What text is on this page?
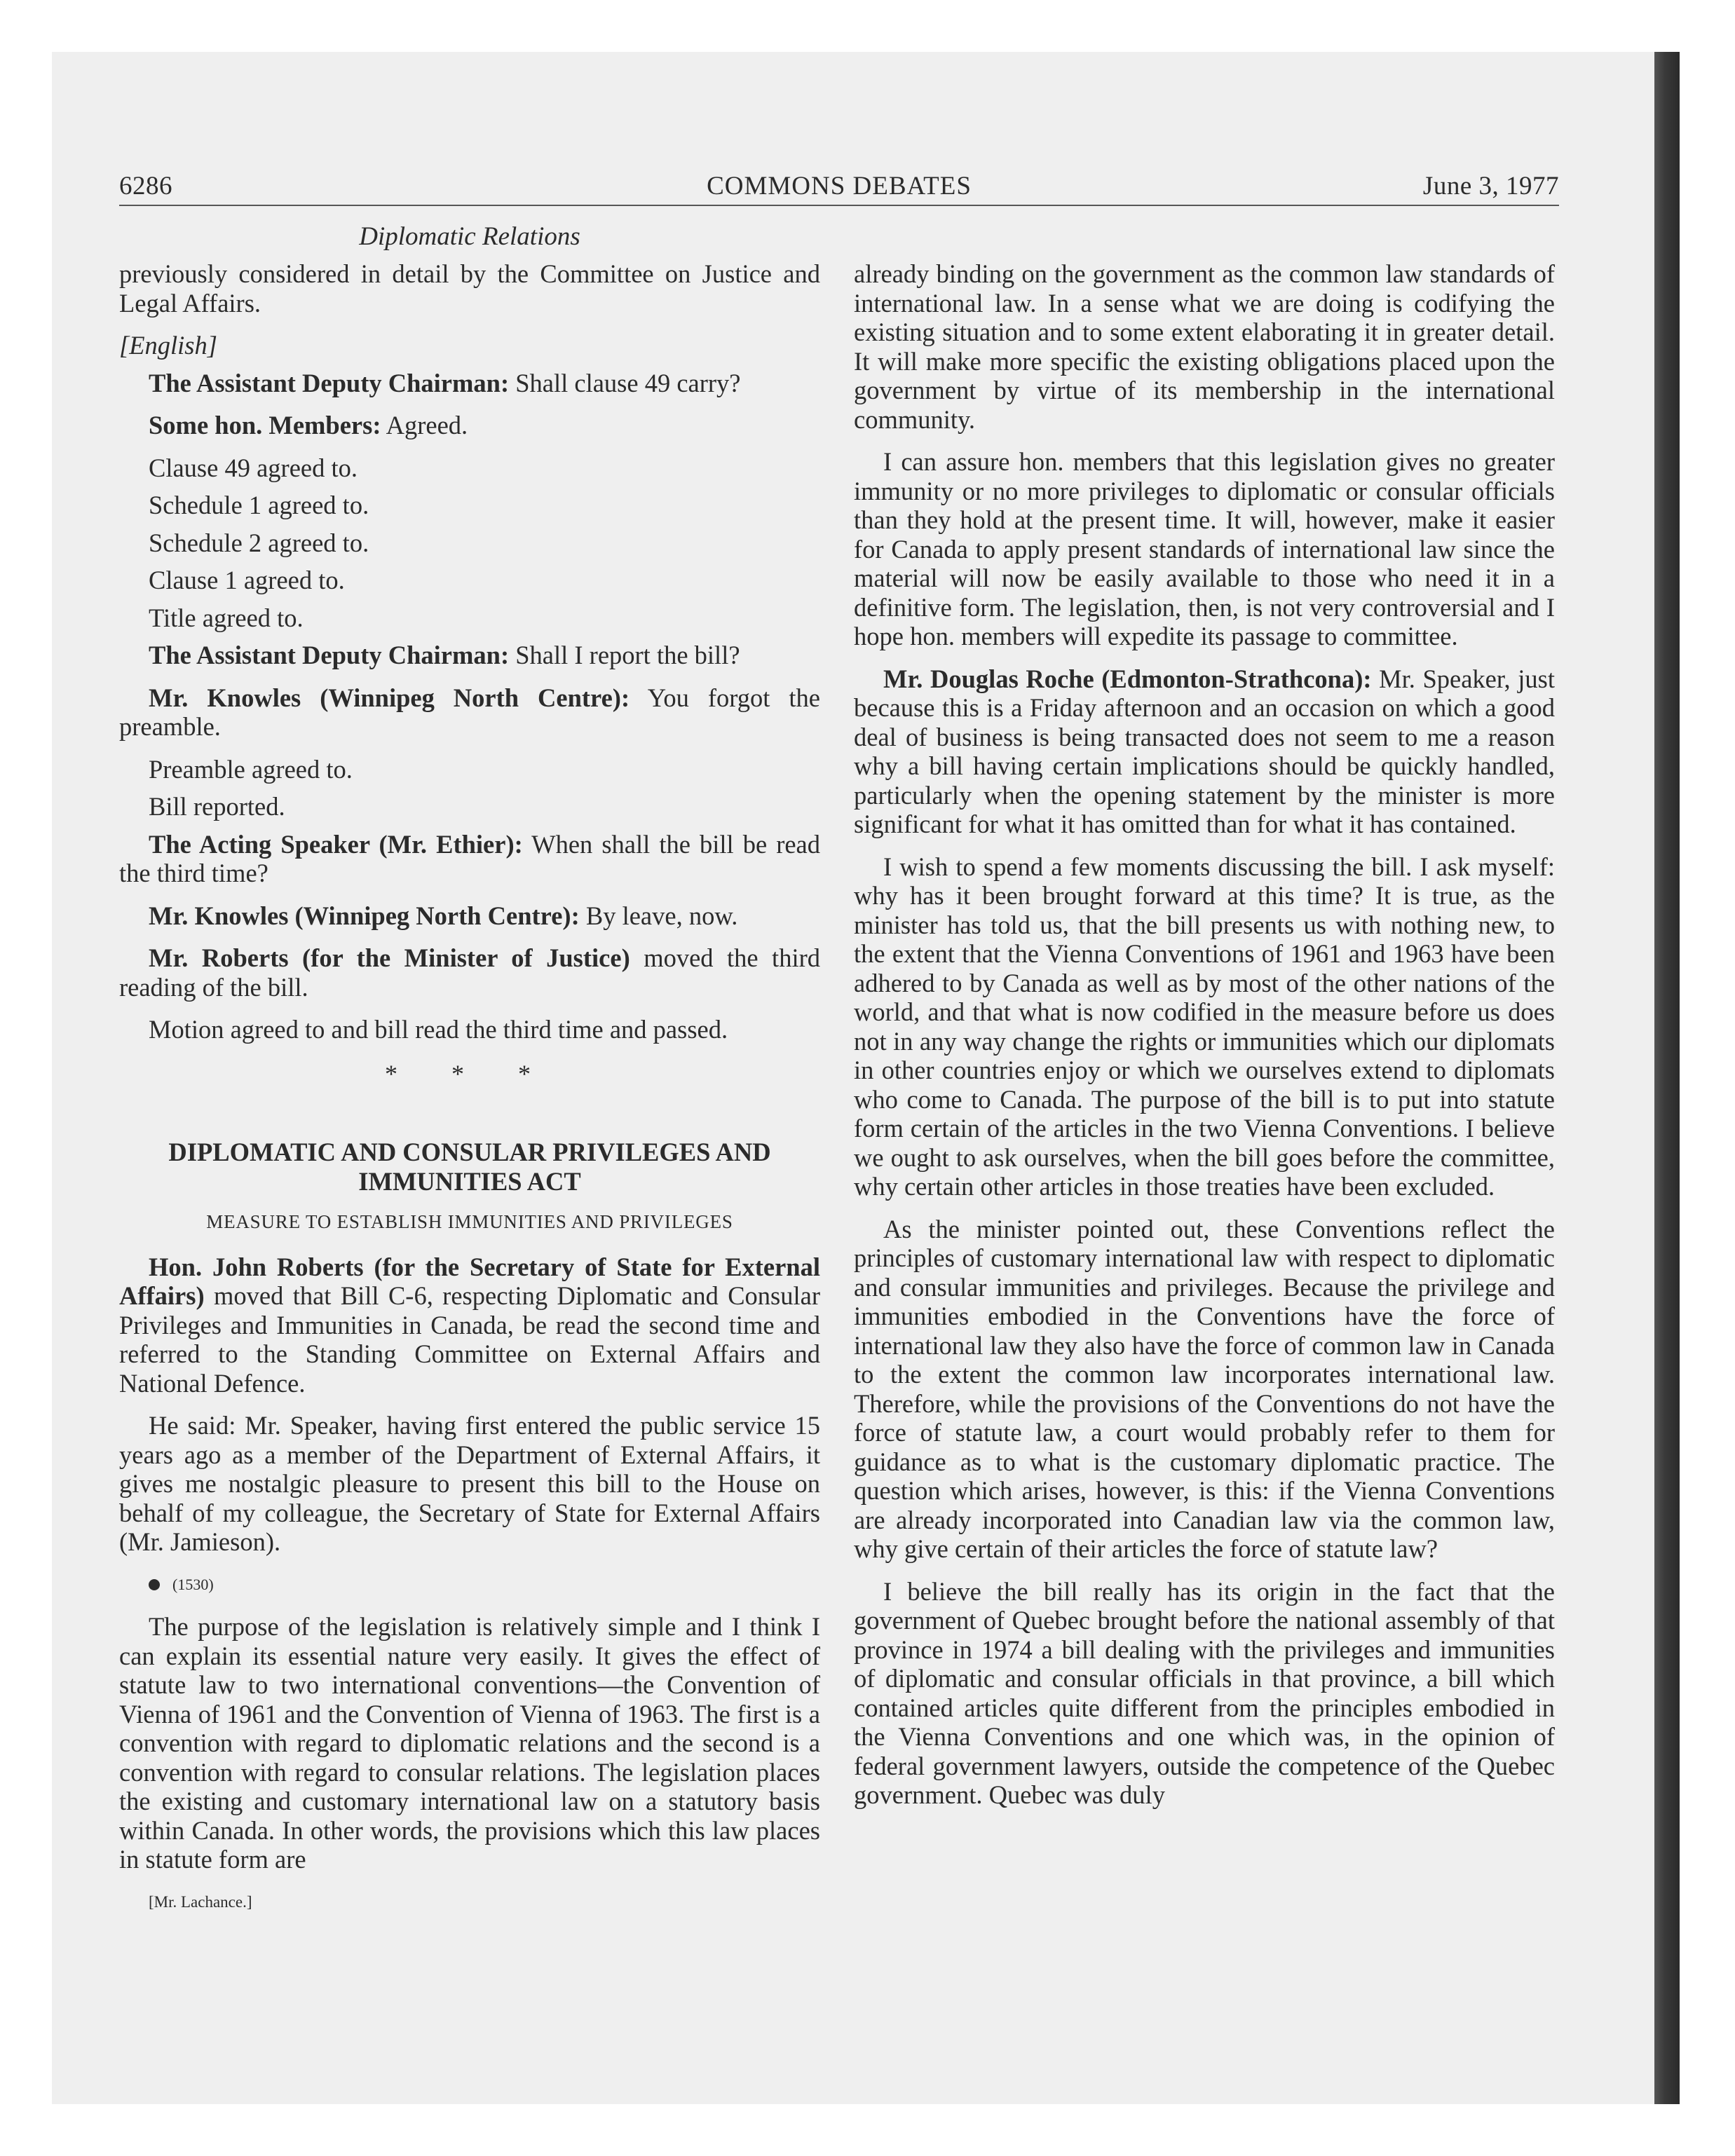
6286	COMMONS DEBATES	June 3, 1977
Diplomatic Relations

previously considered in detail by the Committee on Justice and Legal Affairs.

[English]

The Assistant Deputy Chairman: Shall clause 49 carry?

Some hon. Members: Agreed.

Clause 49 agreed to.

Schedule 1 agreed to.

Schedule 2 agreed to.

Clause 1 agreed to.

Title agreed to.

The Assistant Deputy Chairman: Shall I report the bill?

Mr. Knowles (Winnipeg North Centre): You forgot the preamble.

Preamble agreed to.

Bill reported.

The Acting Speaker (Mr. Ethier): When shall the bill be read the third time?

Mr. Knowles (Winnipeg North Centre): By leave, now.

Mr. Roberts (for the Minister of Justice) moved the third reading of the bill.

Motion agreed to and bill read the third time and passed.

* * *
DIPLOMATIC AND CONSULAR PRIVILEGES AND IMMUNITIES ACT
MEASURE TO ESTABLISH IMMUNITIES AND PRIVILEGES

Hon. John Roberts (for the Secretary of State for External Affairs) moved that Bill C-6, respecting Diplomatic and Consular Privileges and Immunities in Canada, be read the second time and referred to the Standing Committee on External Affairs and National Defence.

He said: Mr. Speaker, having first entered the public service 15 years ago as a member of the Department of External Affairs, it gives me nostalgic pleasure to present this bill to the House on behalf of my colleague, the Secretary of State for External Affairs (Mr. Jamieson).

(1530)

The purpose of the legislation is relatively simple and I think I can explain its essential nature very easily. It gives the effect of statute law to two international conventions—the Convention of Vienna of 1961 and the Convention of Vienna of 1963. The first is a convention with regard to diplomatic relations and the second is a convention with regard to consular relations. The legislation places the existing and customary international law on a statutory basis within Canada. In other words, the provisions which this law places in statute form are

[Mr. Lachance.]

already binding on the government as the common law standards of international law. In a sense what we are doing is codifying the existing situation and to some extent elaborating it in greater detail. It will make more specific the existing obligations placed upon the government by virtue of its membership in the international community.

I can assure hon. members that this legislation gives no greater immunity or no more privileges to diplomatic or consular officials than they hold at the present time. It will, however, make it easier for Canada to apply present standards of international law since the material will now be easily available to those who need it in a definitive form. The legislation, then, is not very controversial and I hope hon. members will expedite its passage to committee.

Mr. Douglas Roche (Edmonton-Strathcona): Mr. Speaker, just because this is a Friday afternoon and an occasion on which a good deal of business is being transacted does not seem to me a reason why a bill having certain implications should be quickly handled, particularly when the opening statement by the minister is more significant for what it has omitted than for what it has contained.

I wish to spend a few moments discussing the bill. I ask myself: why has it been brought forward at this time? It is true, as the minister has told us, that the bill presents us with nothing new, to the extent that the Vienna Conventions of 1961 and 1963 have been adhered to by Canada as well as by most of the other nations of the world, and that what is now codified in the measure before us does not in any way change the rights or immunities which our diplomats in other countries enjoy or which we ourselves extend to diplomats who come to Canada. The purpose of the bill is to put into statute form certain of the articles in the two Vienna Conventions. I believe we ought to ask ourselves, when the bill goes before the committee, why certain other articles in those treaties have been excluded.

As the minister pointed out, these Conventions reflect the principles of customary international law with respect to diplomatic and consular immunities and privileges. Because the privilege and immunities embodied in the Conventions have the force of international law they also have the force of common law in Canada to the extent the common law incorporates international law. Therefore, while the provisions of the Conventions do not have the force of statute law, a court would probably refer to them for guidance as to what is the customary diplomatic practice. The question which arises, however, is this: if the Vienna Conventions are already incorporated into Canadian law via the common law, why give certain of their articles the force of statute law?

I believe the bill really has its origin in the fact that the government of Quebec brought before the national assembly of that province in 1974 a bill dealing with the privileges and immunities of diplomatic and consular officials in that province, a bill which contained articles quite different from the principles embodied in the Vienna Conventions and one which was, in the opinion of federal government lawyers, outside the competence of the Quebec government. Quebec was duly
